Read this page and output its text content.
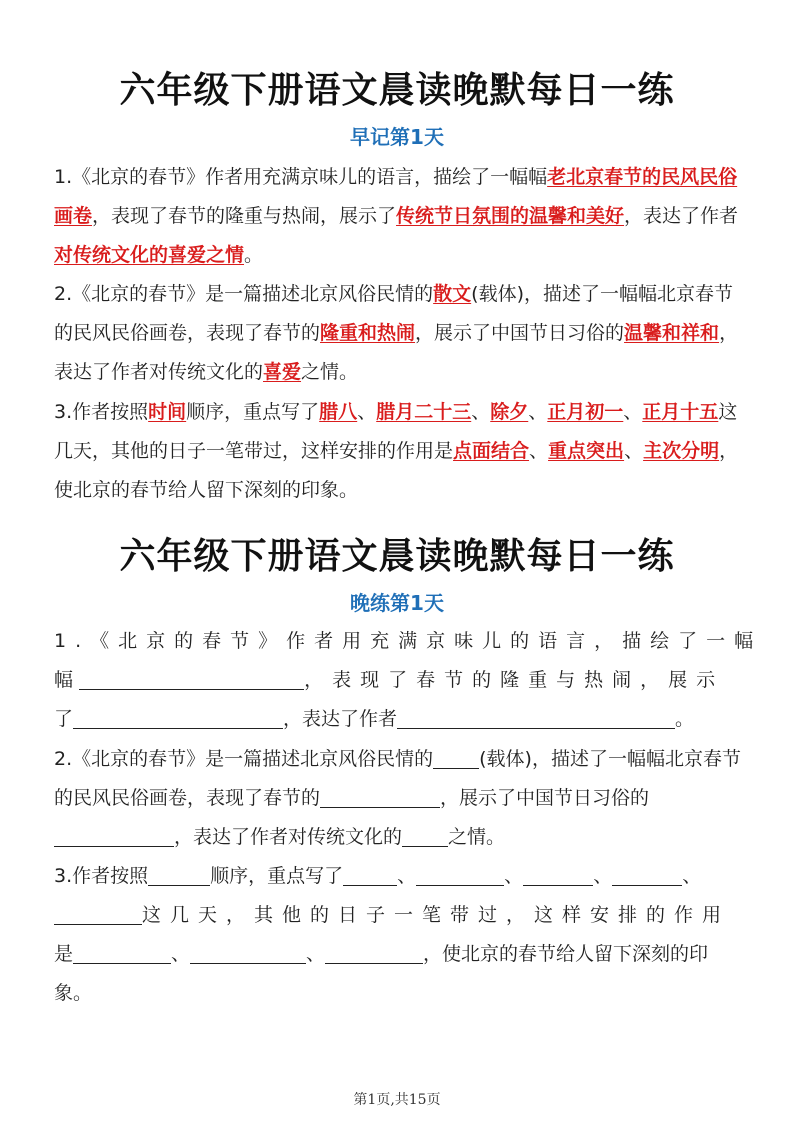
六年级下册语文晨读晚默每日一练
早记第1天
1.《北京的春节》作者用充满京味儿的语言，描绘了一幅幅老北京春节的民风民俗画卷，表现了春节的隆重与热闹，展示了传统节日氛围的温馨和美好，表达了作者对传统文化的喜爱之情。
2.《北京的春节》是一篇描述北京风俗民情的散文(载体)，描述了一幅幅北京春节的民风民俗画卷，表现了春节的隆重和热闹，展示了中国节日习俗的温馨和祥和，表达了作者对传统文化的喜爱之情。
3.作者按照时间顺序，重点写了腊八、腊月二十三、除夕、正月初一、正月十五这几天，其他的日子一笔带过，这样安排的作用是点面结合、重点突出、主次分明，使北京的春节给人留下深刻的印象。
六年级下册语文晨读晚默每日一练
晚练第1天
1.《北京的春节》作者用充满京味儿的语言，描绘了一幅
幅	，表现了春节的隆重与热闹，展示
了	，表达了作者	。
2.《北京的春节》是一篇描述北京风俗民情的 (载体)，描述了一幅幅北京春节的民风民俗画卷，表现了春节的	，展示了中国节日习俗的，表达了作者对传统文化的 之情。
3.作者按照	顺序，重点写了	、	、	、	、
这几天，其他的日子一笔带过，这样安排的作用
是	、	、	，使北京的春节给人留下深刻的印象。
第1页,共15页
